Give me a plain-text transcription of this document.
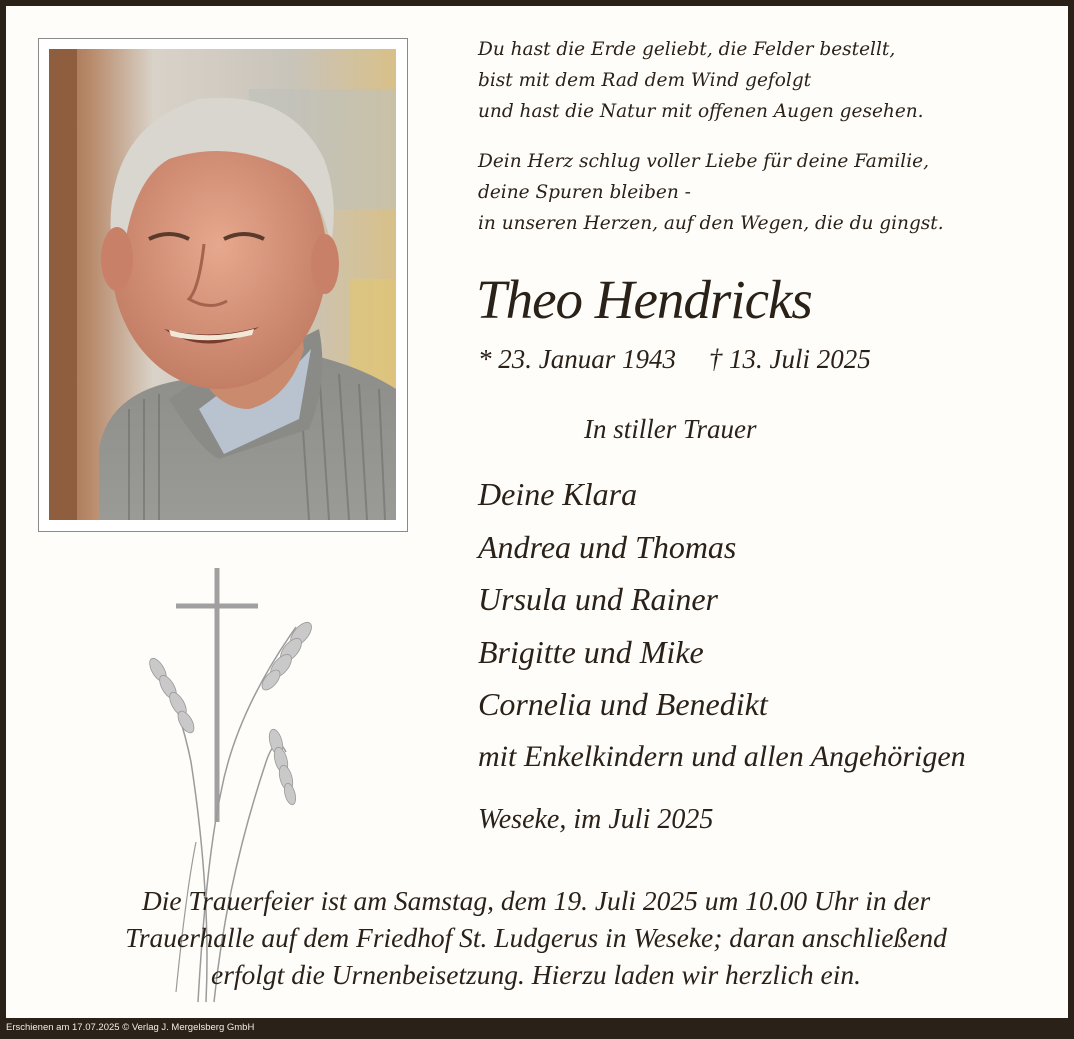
Du hast die Erde geliebt, die Felder bestellt,
bist mit dem Rad dem Wind gefolgt
und hast die Natur mit offenen Augen gesehen.
Dein Herz schlug voller Liebe für deine Familie,
deine Spuren bleiben -
in unseren Herzen, auf den Wegen, die du gingst.
Theo Hendricks
* 23. Januar 1943 † 13. Juli 2025
In stiller Trauer
Deine Klara
Andrea und Thomas
Ursula und Rainer
Brigitte und Mike
Cornelia und Benedikt
mit Enkelkindern und allen Angehörigen
Weseke, im Juli 2025
Die Trauerfeier ist am Samstag, dem 19. Juli 2025 um 10.00 Uhr in der
Trauerhalle auf dem Friedhof St. Ludgerus in Weseke; daran anschließend
erfolgt die Urnenbeisetzung. Hierzu laden wir herzlich ein.
Erschienen am 17.07.2025 © Verlag J. Mergelsberg GmbH
